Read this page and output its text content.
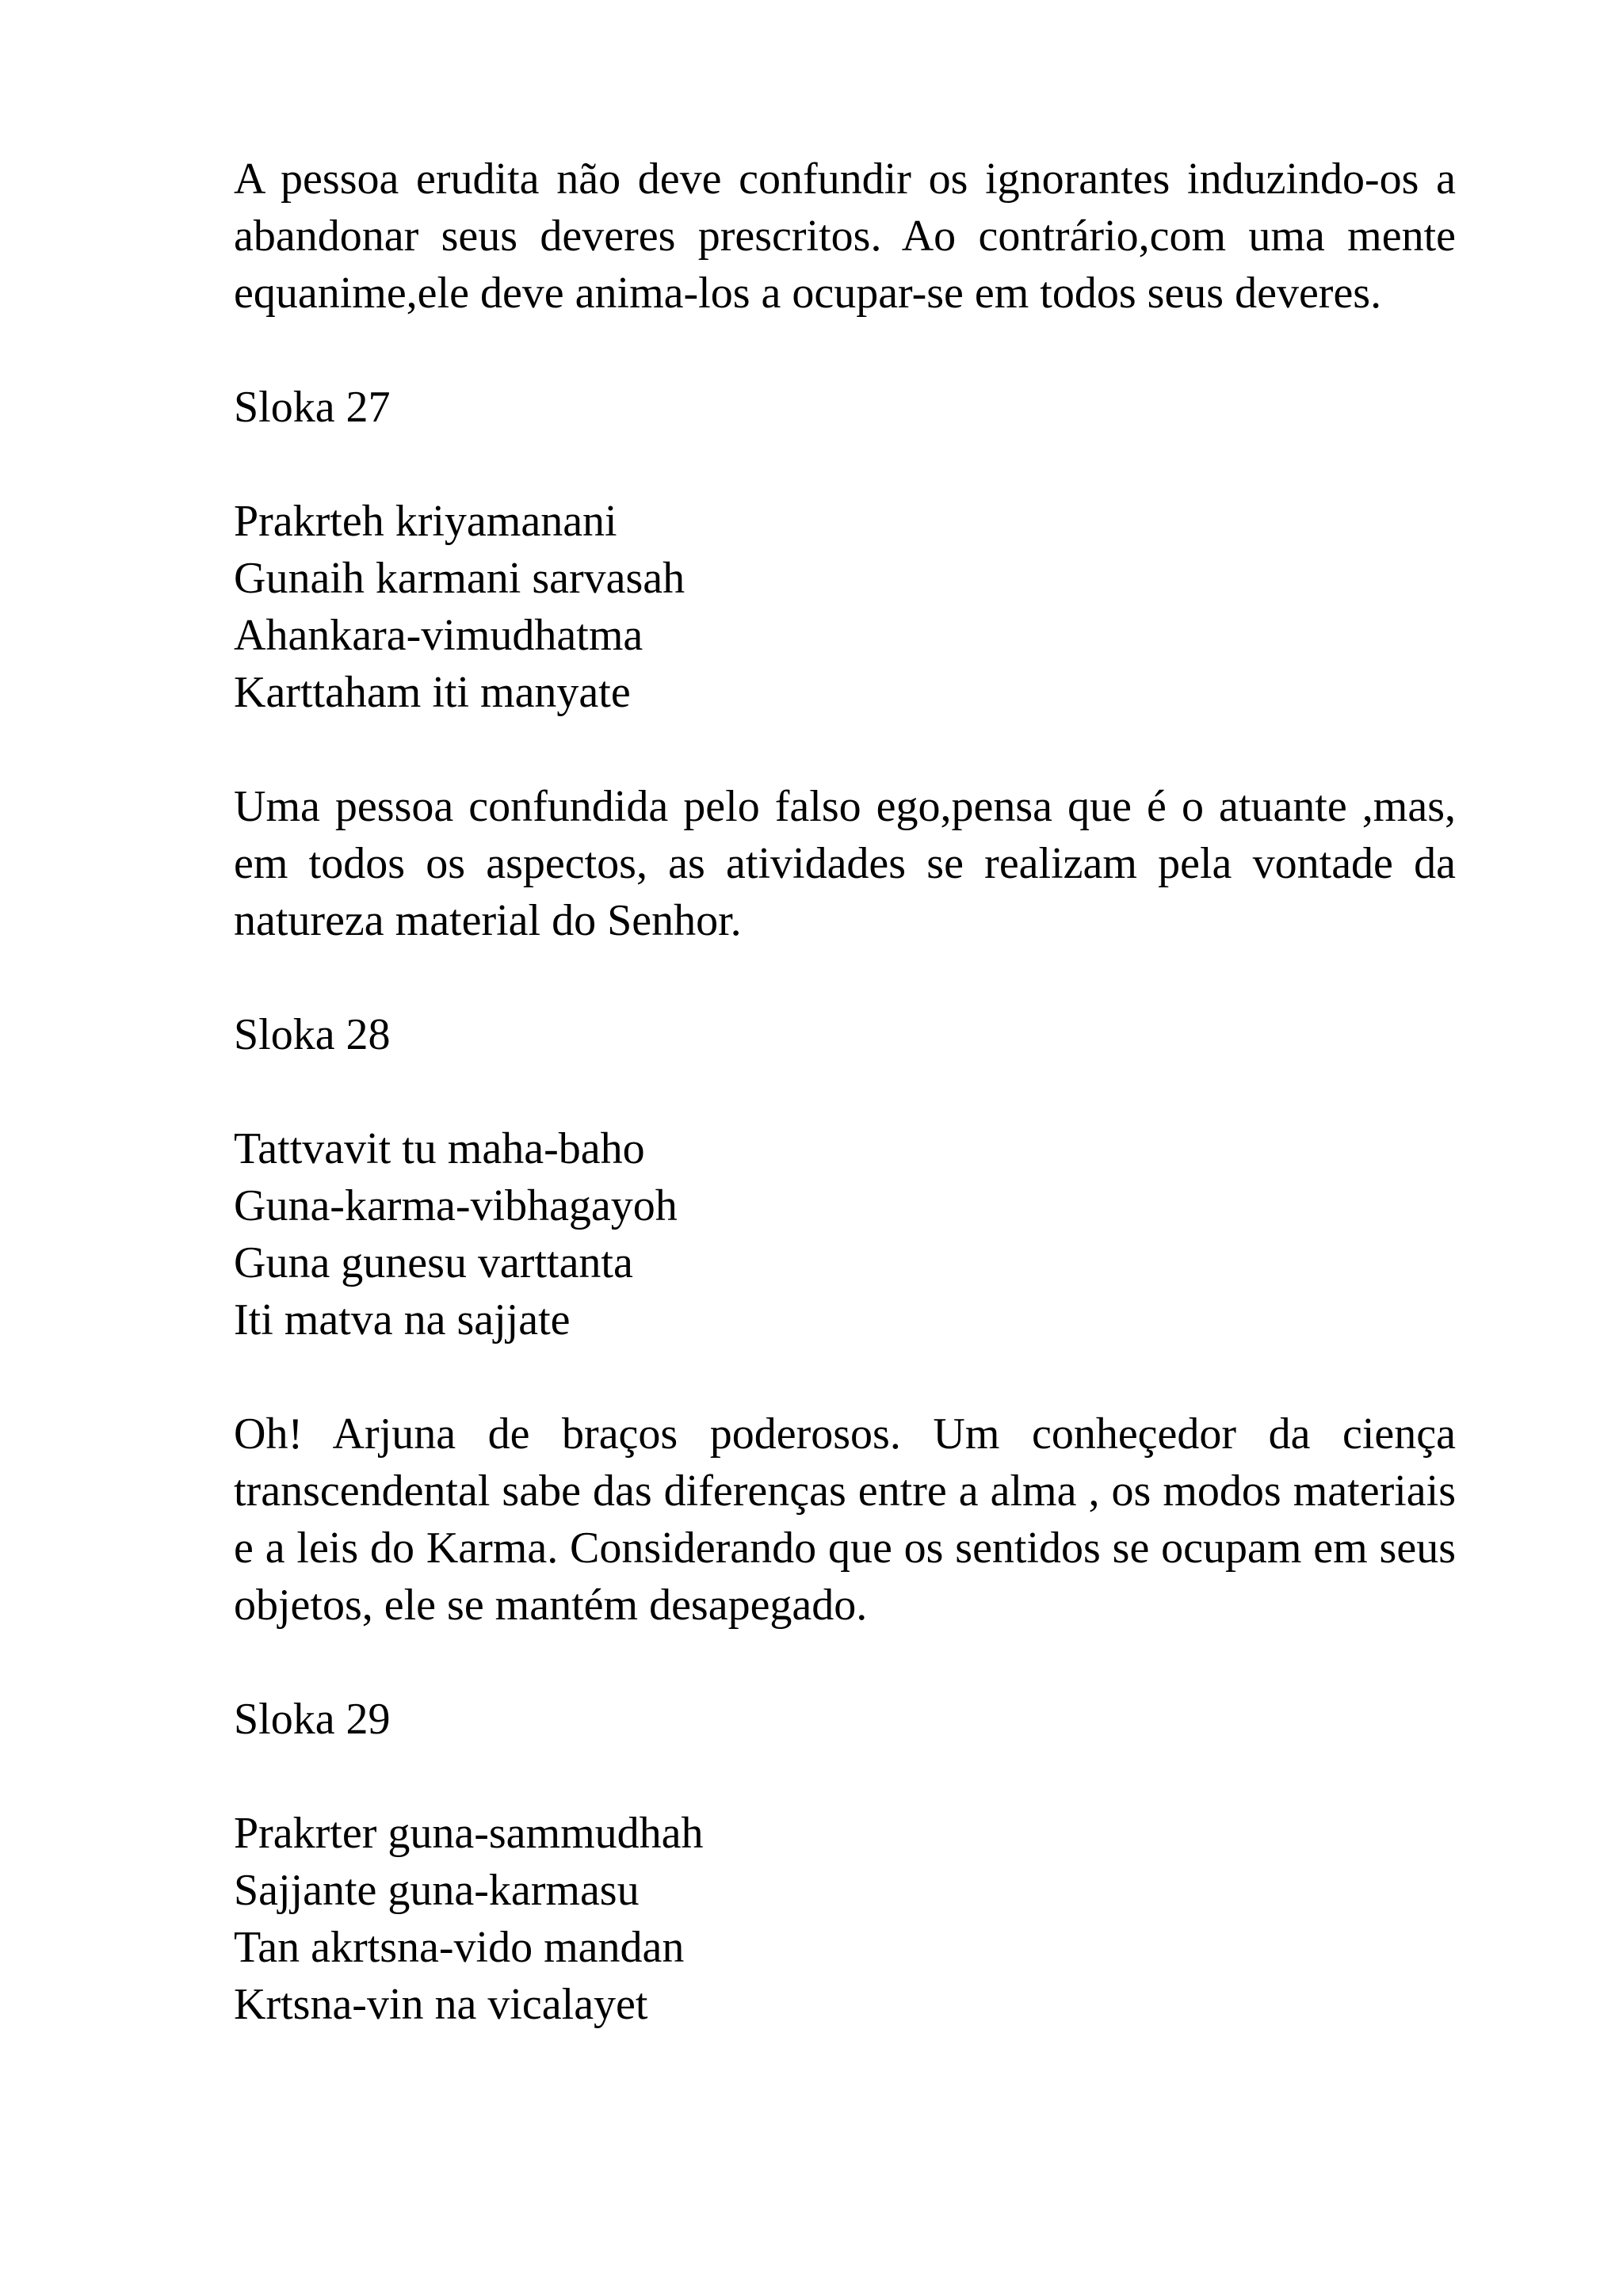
A pessoa erudita não deve confundir os ignorantes induzindo-os a abandonar seus deveres prescritos. Ao contrário,com uma mente equanime,ele deve anima-los a ocupar-se em todos seus deveres.

Sloka 27

Prakrteh kriyamanani
Gunaih karmani sarvasah
Ahankara-vimudhatma
Karttaham iti manyate

Uma pessoa confundida pelo falso ego,pensa que é o atuante ,mas, em todos os aspectos, as atividades se realizam pela vontade da natureza material do Senhor.

Sloka 28

Tattvavit tu maha-baho
Guna-karma-vibhagayoh
Guna gunesu varttanta
Iti matva na sajjate

Oh! Arjuna de braços poderosos. Um conheçedor da ciença transcendental sabe das diferenças entre a alma , os modos materiais e a leis do Karma. Considerando que os sentidos se ocupam em seus objetos, ele se mantém desapegado.

Sloka 29

Prakrter guna-sammudhah
Sajjante guna-karmasu
Tan akrtsna-vido mandan
Krtsna-vin na vicalayet
